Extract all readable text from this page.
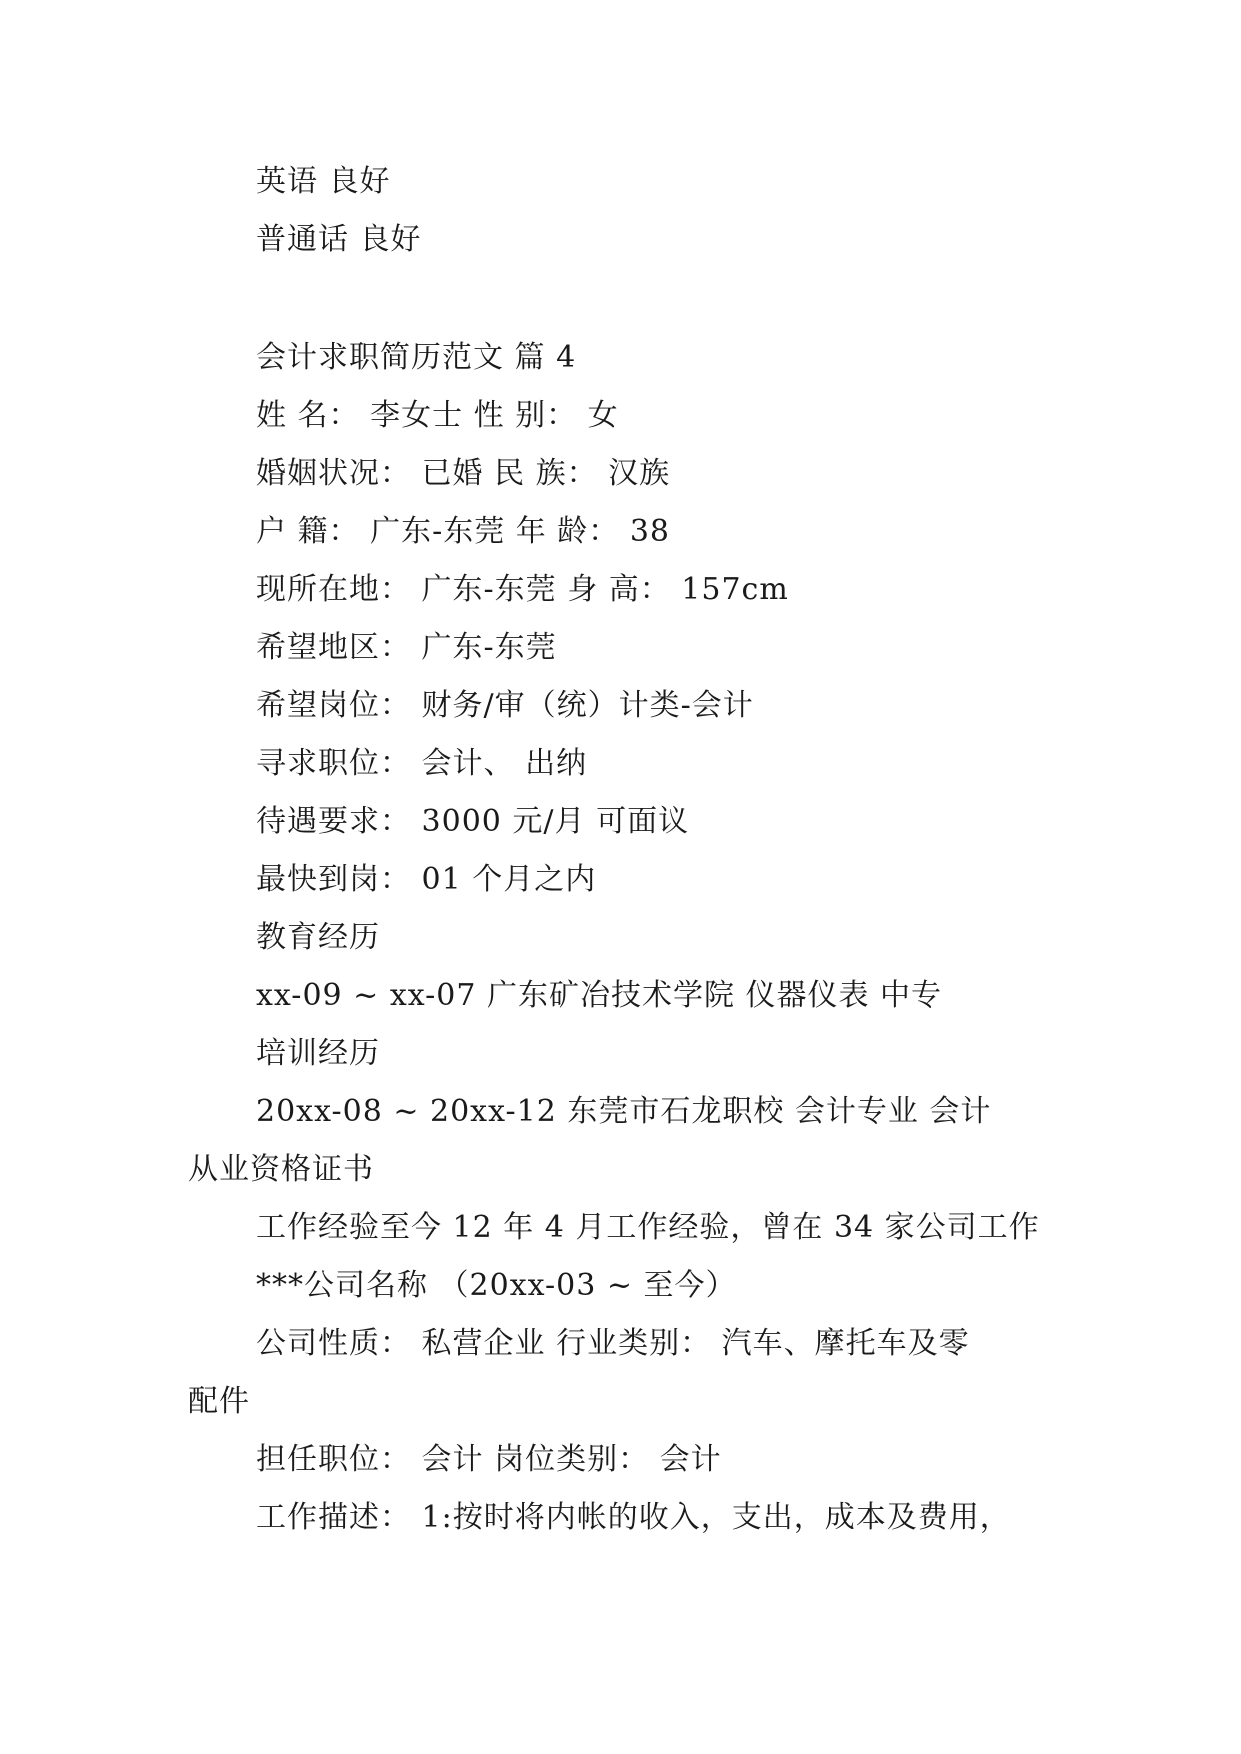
英语 良好
普通话 良好
会计求职简历范文 篇 4
姓 名： 李女士 性 别： 女
婚姻状况： 已婚 民 族： 汉族
户 籍： 广东-东莞 年 龄： 38
现所在地： 广东-东莞 身 高： 157cm
希望地区： 广东-东莞
希望岗位： 财务/审（统）计类-会计
寻求职位： 会计、 出纳
待遇要求： 3000 元/月 可面议
最快到岗： 01 个月之内
教育经历
xx-09 ~ xx-07 广东矿冶技术学院 仪器仪表 中专
培训经历
20xx-08 ~ 20xx-12 东莞市石龙职校 会计专业 会计
从业资格证书
工作经验至今 12 年 4 月工作经验，曾在 34 家公司工作
***公司名称 （20xx-03 ~ 至今）
公司性质： 私营企业 行业类别： 汽车、摩托车及零
配件
担任职位： 会计 岗位类别： 会计
工作描述： 1:按时将内帐的收入，支出，成本及费用，
